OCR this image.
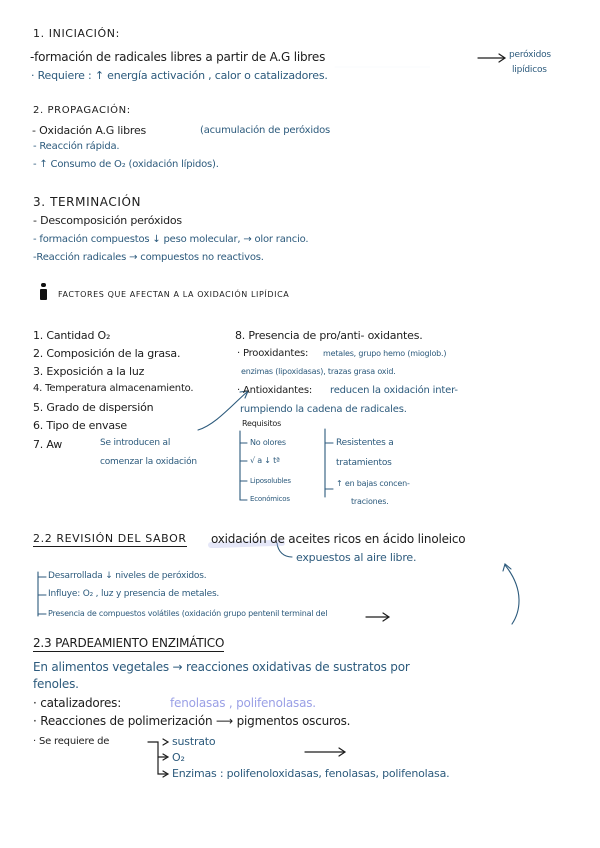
1. INICIACIÓN:
-formación de radicales libres a partir de A.G libres	peróxidos
lipídicos
· Requiere : ↑ energía activación , calor o catalizadores.
2. PROPAGACIÓN:
- Oxidación A.G libres	(acumulación de peróxidos
- Reacción rápida.
- ↑ Consumo de O₂ (oxidación lípidos).
3. TERMINACIÓN
- Descomposición peróxidos
- formación compuestos ↓ peso molecular, → olor rancio.
-Reacción radicales → compuestos no reactivos.
FACTORES QUE AFECTAN A LA OXIDACIÓN LIPÍDICA
1. Cantidad O₂
2. Composición de la grasa.
3. Exposición a la luz
4. Temperatura almacenamiento.
5. Grado de dispersión
6. Tipo de envase
7. Aw	Se introducen al
comenzar la oxidación
8. Presencia de pro/anti- oxidantes.
· Prooxidantes: metales, grupo hemo (mioglob.)
enzimas (lipoxidasas), trazas grasa oxid.
· Antioxidantes: reducen la oxidación inter-
rumpiendo la cadena de radicales.
Requisitos
No olores
√ a ↓ tª
Liposolubles
Económicos
Resistentes a
tratamientos
↑ en bajas concen-
traciones.
2.2 REVISIÓN DEL SABOR oxidación de aceites ricos en ácido linoleico
expuestos al aire libre.
Desarrollada ↓ niveles de peróxidos.
Influye: O₂ , luz y presencia de metales.
Presencia de compuestos volátiles (oxidación grupo pentenil terminal del
2.3 PARDEAMIENTO ENZIMÁTICO
En alimentos vegetales → reacciones oxidativas de sustratos por
fenoles.
· catalizadores:	fenolasas , polifenolasas.
· Reacciones de polimerización ⟶ pigmentos oscuros.
· Se requiere de	sustrato
O₂
Enzimas : polifenoloxidasas, fenolasas, polifenolasa.
